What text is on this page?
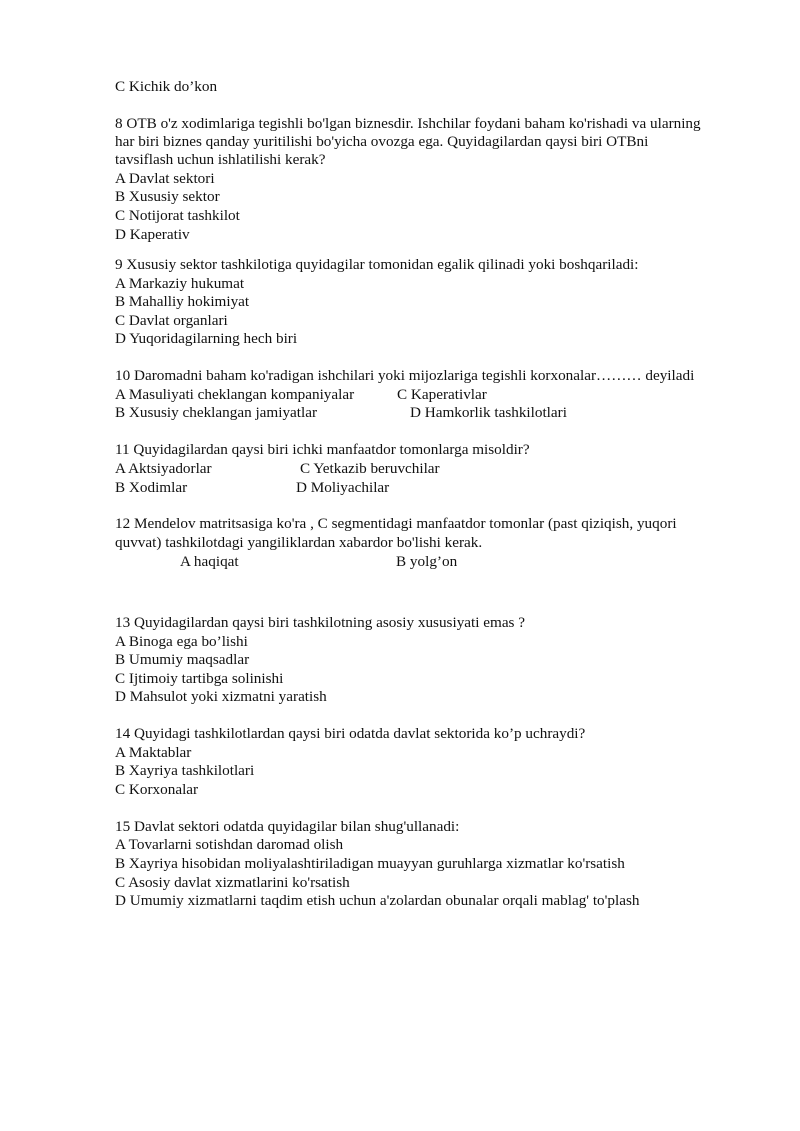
C Kichik do’kon
8 OTB o'z xodimlariga tegishli bo'lgan biznesdir. Ishchilar foydani baham ko'rishadi va ularning
har biri biznes qanday yuritilishi bo'yicha ovozga ega. Quyidagilardan qaysi biri OTBni
tavsiflash uchun ishlatilishi kerak?
A Davlat sektori
B Xususiy sektor
C Notijorat tashkilot
D Kaperativ
9 Xususiy sektor tashkilotiga quyidagilar tomonidan egalik qilinadi yoki boshqariladi:
A Markaziy hukumat
B Mahalliy hokimiyat
C Davlat organlari
D Yuqoridagilarning hech biri
10 Daromadni baham ko'radigan ishchilari yoki mijozlariga tegishli korxonalar……… deyiladi
A Masuliyati cheklangan kompaniyalar	C Kaperativlar
B Xususiy cheklangan jamiyatlar	D Hamkorlik tashkilotlari
11 Quyidagilardan qaysi biri ichki manfaatdor tomonlarga misoldir?
A Aktsiyadorlar	C Yetkazib beruvchilar
B Xodimlar	D Moliyachilar
12 Mendelov matritsasiga ko'ra , C segmentidagi manfaatdor tomonlar (past qiziqish, yuqori
quvvat) tashkilotdagi yangiliklardan xabardor bo'lishi kerak.
A haqiqat	B yolg’on
13 Quyidagilardan qaysi biri tashkilotning asosiy xususiyati emas ?
A Binoga ega bo’lishi
B Umumiy maqsadlar
C Ijtimoiy tartibga solinishi
D Mahsulot yoki xizmatni yaratish
14 Quyidagi tashkilotlardan qaysi biri odatda davlat sektorida ko’p uchraydi?
A Maktablar
B Xayriya tashkilotlari
C Korxonalar
15 Davlat sektori odatda quyidagilar bilan shug'ullanadi:
A Tovarlarni sotishdan daromad olish
B Xayriya hisobidan moliyalashtiriladigan muayyan guruhlarga xizmatlar ko'rsatish
C Asosiy davlat xizmatlarini ko'rsatish
D Umumiy xizmatlarni taqdim etish uchun a'zolardan obunalar orqali mablag' to'plash
